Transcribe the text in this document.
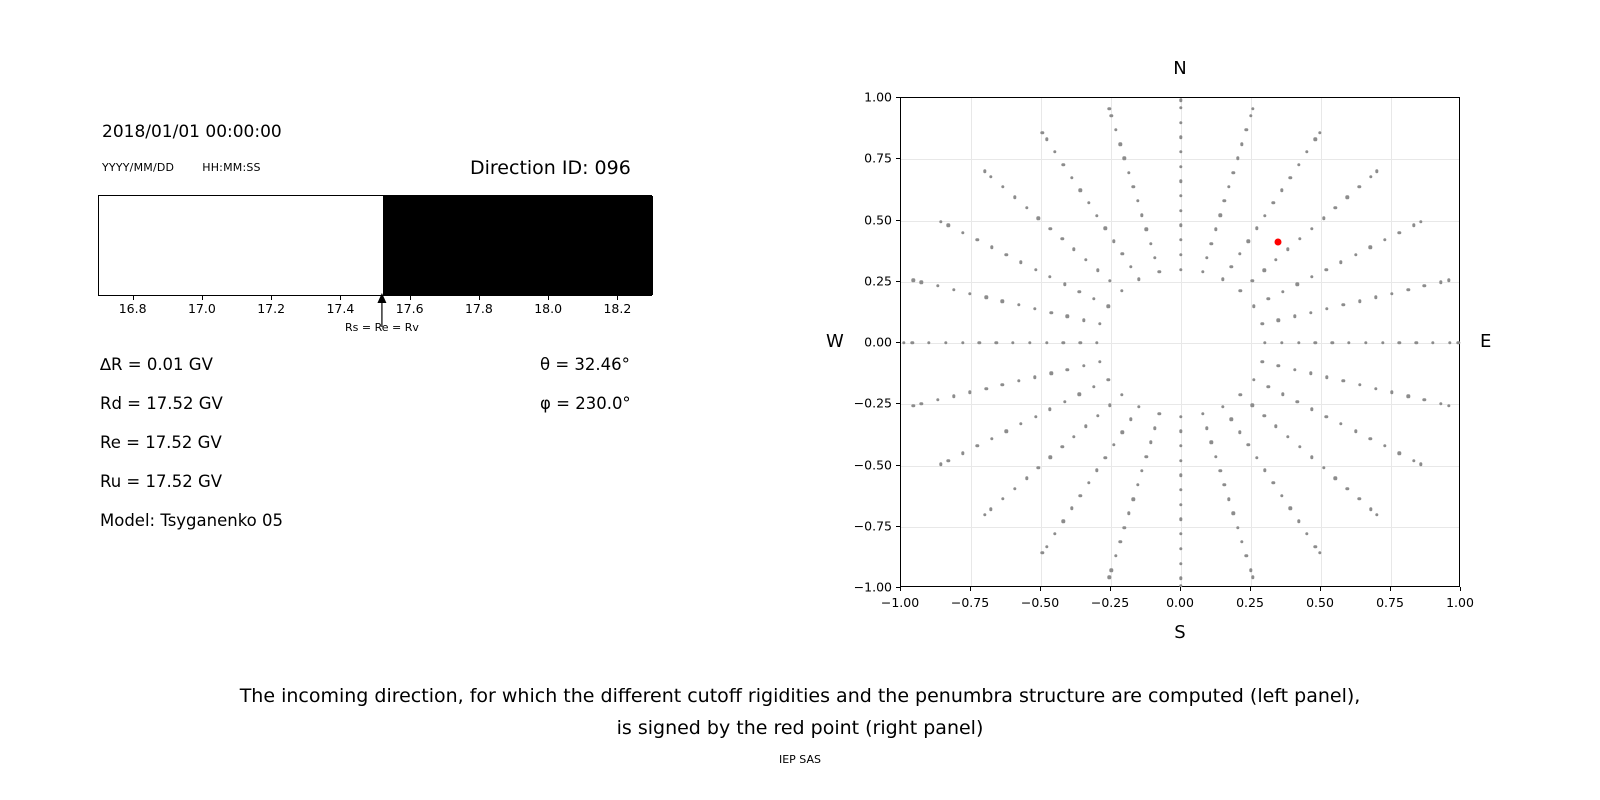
2018/01/01 00:00:00
YYYY/MM/DD	HH:MM:SS	Direction ID: 096
16.8	17.0	17.2	17.4	17.6	17.8	18.0	18.2
Rs = Re = Rv
∆R = 0.01 GV
Rd = 17.52 GV
Re = 17.52 GV
Ru = 17.52 GV
Model: Tsyganenko 05
θ = 32.46°
φ = 230.0°
N
S
W	E
−1.00	−0.75	−0.50	−0.25	0.00	0.25	0.50	0.75	1.00
−1.00
−0.75
−0.50
−0.25
0.00
0.25
0.50
0.75
1.00
The incoming direction, for which the different cutoff rigidities and the penumbra structure are computed (left panel),
is signed by the red point (right panel)
IEP SAS
